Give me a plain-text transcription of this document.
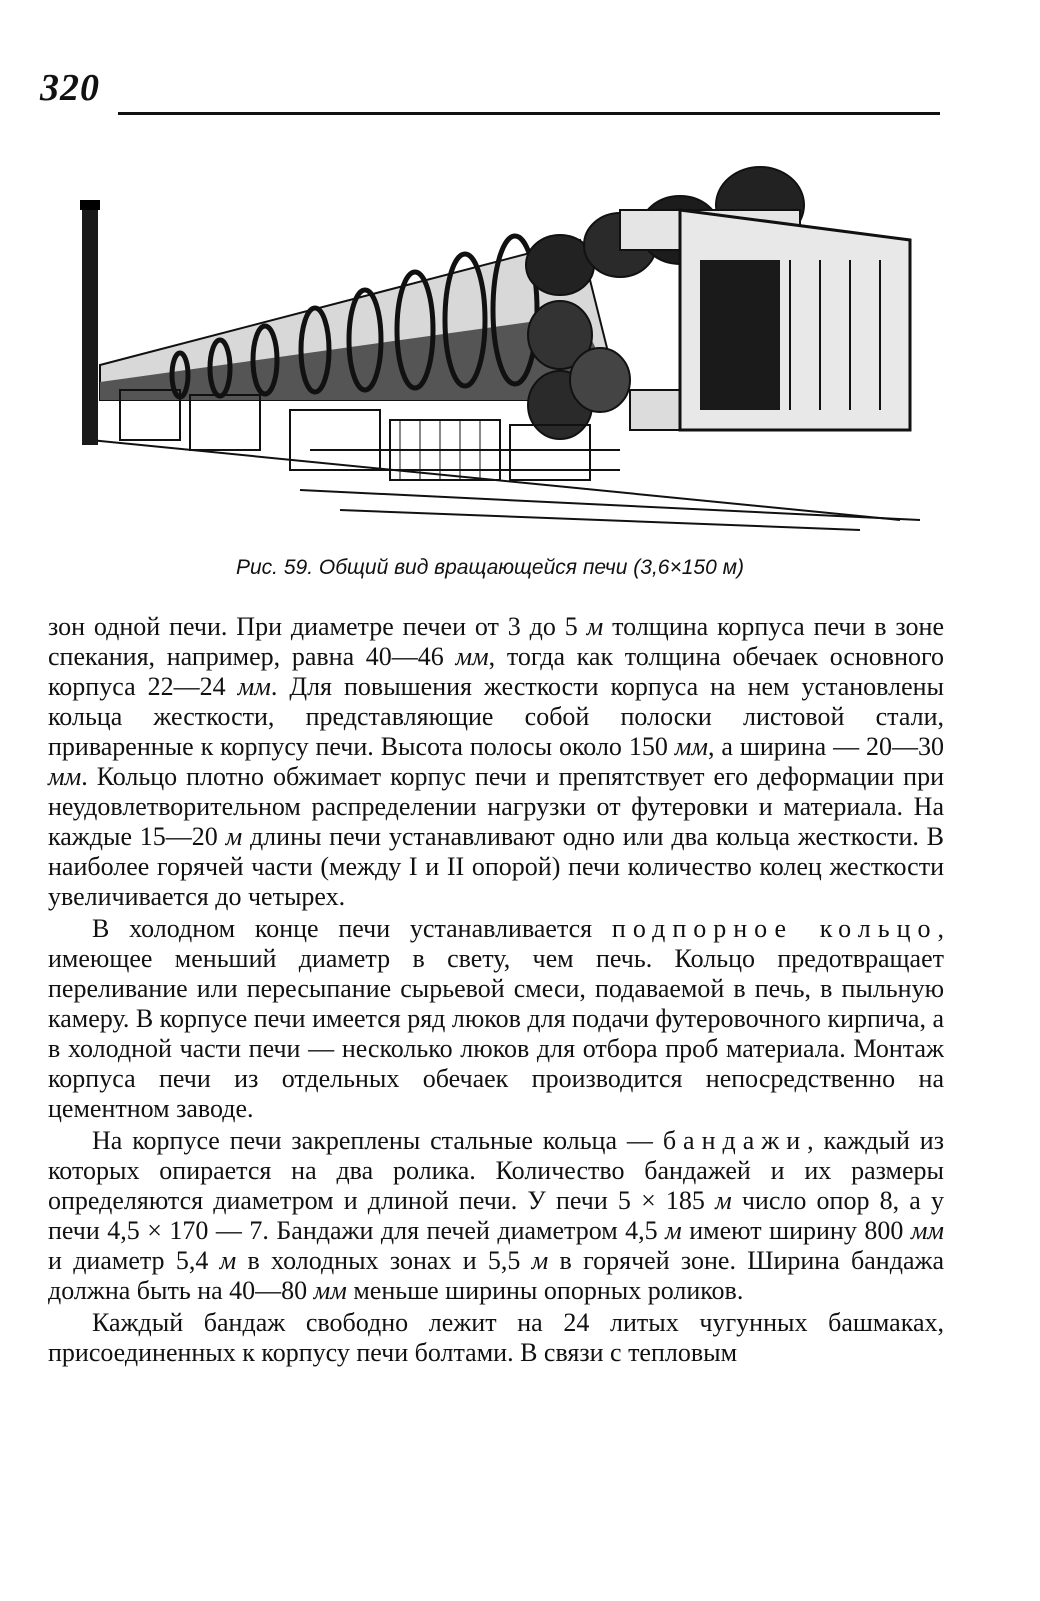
320
Рис. 59. Общий вид вращающейся печи (3,6×150 м)

зон одной печи. При диаметре печеи от 3 до 5 м толщина корпуса печи в зоне спекания, например, равна 40—46 мм, тогда как толщина обечаек основного корпуса 22—24 мм. Для повышения жесткости корпуса на нем установлены кольца жесткости, представляющие собой полоски листовой стали, приваренные к корпусу печи. Высота полосы около 150 мм, а ширина — 20—30 мм. Кольцо плотно обжимает корпус печи и препятствует его деформации при неудовлетворительном распределении нагрузки от футеровки и материала. На каждые 15—20 м длины печи устанавливают одно или два кольца жесткости. В наиболее горячей части (между I и II опорой) печи количество колец жесткости увеличивается до четырех.

В холодном конце печи устанавливается подпорное кольцо, имеющее меньший диаметр в свету, чем печь. Кольцо предотвращает переливание или пересыпание сырьевой смеси, подаваемой в печь, в пыльную камеру. В корпусе печи имеется ряд люков для подачи футеровочного кирпича, а в холодной части печи — несколько люков для отбора проб материала. Монтаж корпуса печи из отдельных обечаек производится непосредственно на цементном заводе.

На корпусе печи закреплены стальные кольца — бандажи, каждый из которых опирается на два ролика. Количество бандажей и их размеры определяются диаметром и длиной печи. У печи 5 × 185 м число опор 8, а у печи 4,5 × 170 — 7. Бандажи для печей диаметром 4,5 м имеют ширину 800 мм и диаметр 5,4 м в холодных зонах и 5,5 м в горячей зоне. Ширина бандажа должна быть на 40—80 мм меньше ширины опорных роликов.

Каждый бандаж свободно лежит на 24 литых чугунных башмаках, присоединенных к корпусу печи болтами. В связи с тепловым
